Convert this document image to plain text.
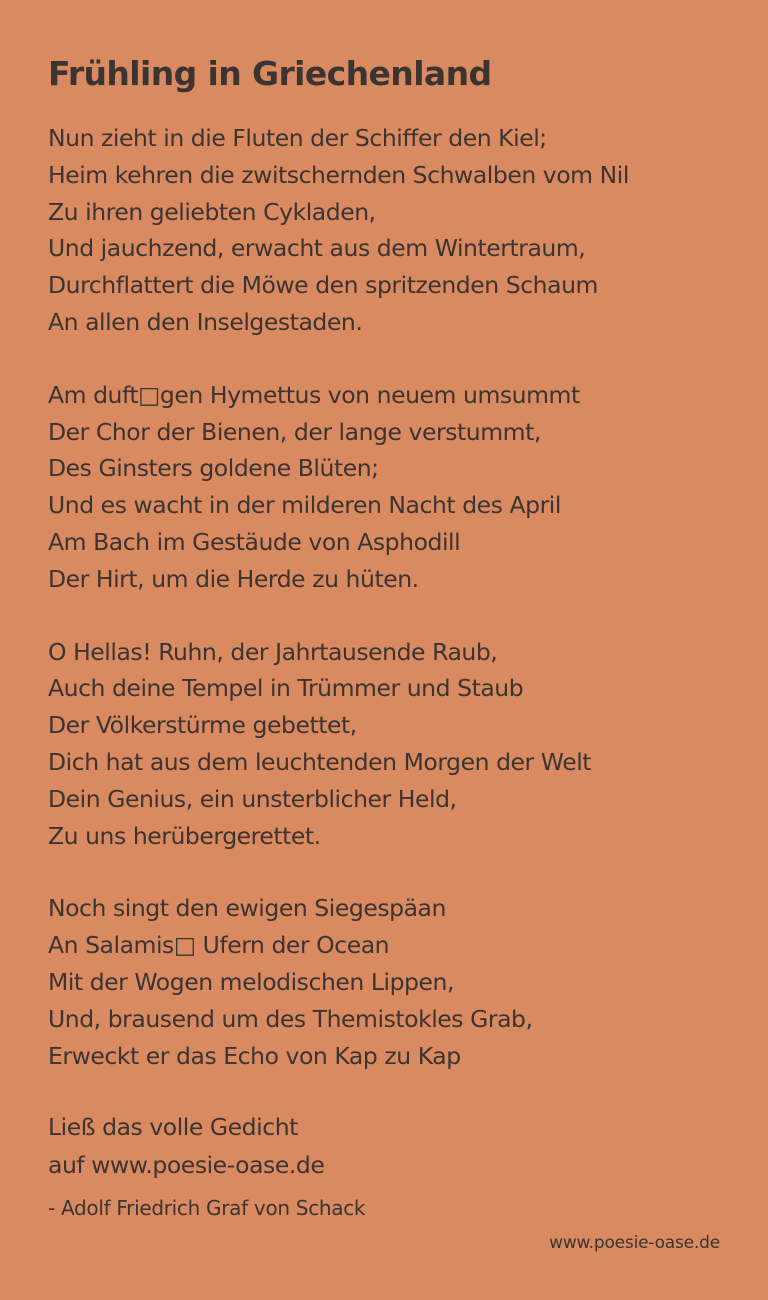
Frühling in Griechenland
Nun zieht in die Fluten der Schiffer den Kiel;
Heim kehren die zwitschernden Schwalben vom Nil
Zu ihren geliebten Cykladen,
Und jauchzend, erwacht aus dem Wintertraum,
Durchflattert die Möwe den spritzenden Schaum
An allen den Inselgestaden.
Am duft□gen Hymettus von neuem umsummt
Der Chor der Bienen, der lange verstummt,
Des Ginsters goldene Blüten;
Und es wacht in der milderen Nacht des April
Am Bach im Gestäude von Asphodill
Der Hirt, um die Herde zu hüten.
O Hellas! Ruhn, der Jahrtausende Raub,
Auch deine Tempel in Trümmer und Staub
Der Völkerstürme gebettet,
Dich hat aus dem leuchtenden Morgen der Welt
Dein Genius, ein unsterblicher Held,
Zu uns herübergerettet.
Noch singt den ewigen Siegespäan
An Salamis□ Ufern der Ocean
Mit der Wogen melodischen Lippen,
Und, brausend um des Themistokles Grab,
Erweckt er das Echo von Kap zu Kap
Ließ das volle Gedicht
auf www.poesie-oase.de
- Adolf Friedrich Graf von Schack
www.poesie-oase.de
